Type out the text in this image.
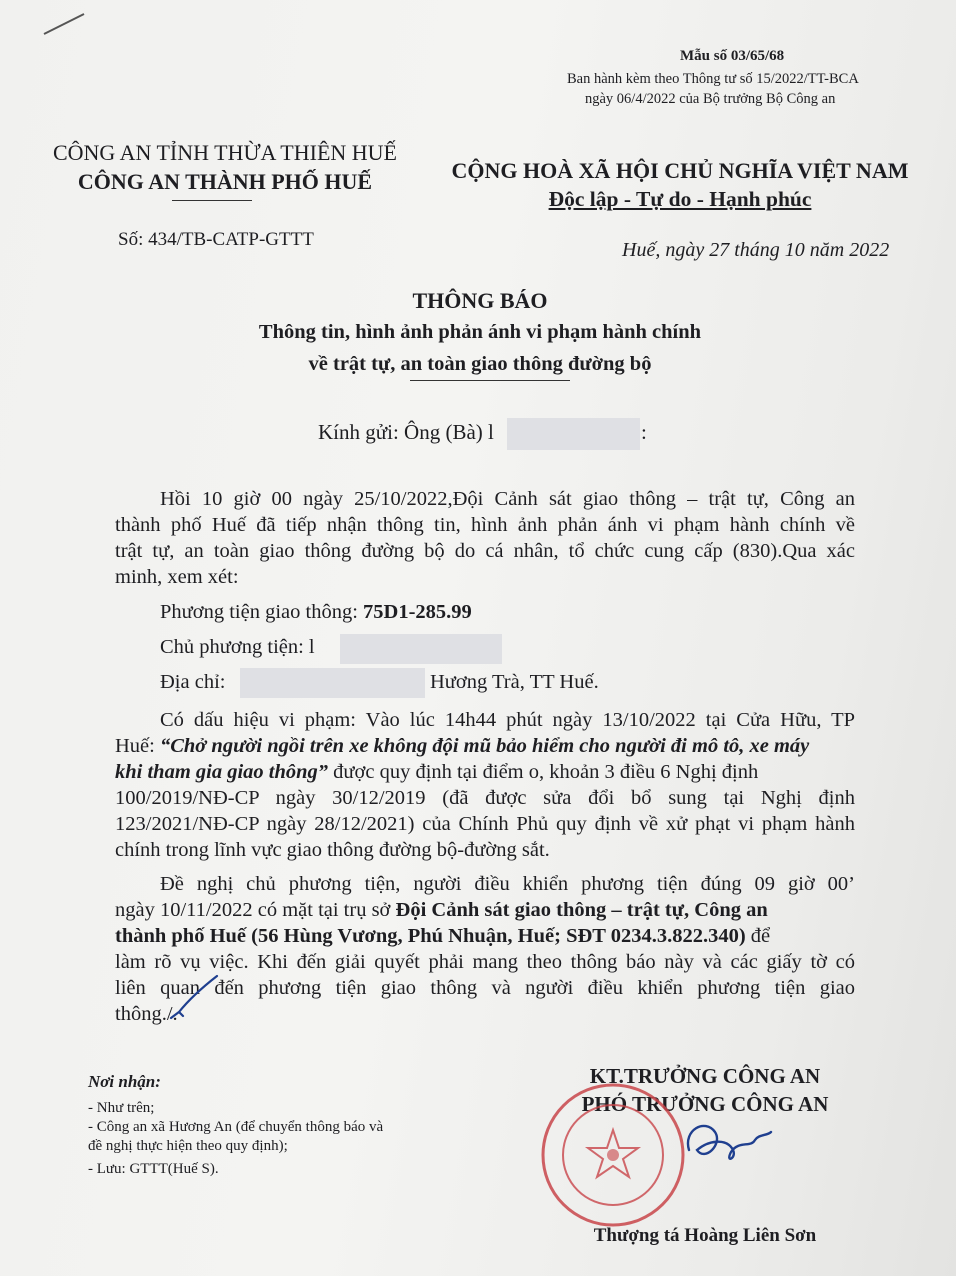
Mẫu số 03/65/68
Ban hành kèm theo Thông tư số 15/2022/TT-BCA
ngày 06/4/2022 của Bộ trưởng Bộ Công an
CÔNG AN TỈNH THỪA THIÊN HUẾ
CÔNG AN THÀNH PHỐ HUẾ
Số: 434/TB-CATP-GTTT
CỘNG HOÀ XÃ HỘI CHỦ NGHĨA VIỆT NAM
Độc lập - Tự do - Hạnh phúc
Huế, ngày 27 tháng 10 năm 2022
THÔNG BÁO
Thông tin, hình ảnh phản ánh vi phạm hành chính
về trật tự, an toàn giao thông đường bộ
Kính gửi: Ông (Bà) l	:
Hồi 10 giờ 00 ngày 25/10/2022,Đội Cảnh sát giao thông – trật tự, Công an
thành phố Huế đã tiếp nhận thông tin, hình ảnh phản ánh vi phạm hành chính về
trật tự, an toàn giao thông đường bộ do cá nhân, tổ chức cung cấp (830).Qua xác
minh, xem xét:
Phương tiện giao thông: 75D1-285.99
Chủ phương tiện: l
Địa chỉ:	Hương Trà, TT Huế.
Có dấu hiệu vi phạm: Vào lúc 14h44 phút ngày 13/10/2022 tại Cửa Hữu, TP
Huế: “Chở người ngồi trên xe không đội mũ bảo hiểm cho người đi mô tô, xe máy
khi tham gia giao thông” được quy định tại điểm o, khoản 3 điều 6 Nghị định
100/2019/NĐ-CP ngày 30/12/2019 (đã được sửa đổi bổ sung tại Nghị định
123/2021/NĐ-CP ngày 28/12/2021) của Chính Phủ quy định về xử phạt vi phạm hành
chính trong lĩnh vực giao thông đường bộ-đường sắt.
Đề nghị chủ phương tiện, người điều khiển phương tiện đúng 09 giờ 00’
ngày 10/11/2022 có mặt tại trụ sở Đội Cảnh sát giao thông – trật tự, Công an
thành phố Huế (56 Hùng Vương, Phú Nhuận, Huế; SĐT 0234.3.822.340) để
làm rõ vụ việc. Khi đến giải quyết phải mang theo thông báo này và các giấy tờ có
liên quan đến phương tiện giao thông và người điều khiển phương tiện giao
thông./.
Nơi nhận:
- Như trên;
- Công an xã Hương An (để chuyển thông báo và
đề nghị thực hiện theo quy định);
- Lưu: GTTT(Huế S).
KT.TRƯỞNG CÔNG AN
PHÓ TRƯỞNG CÔNG AN
Thượng tá Hoàng Liên Sơn
